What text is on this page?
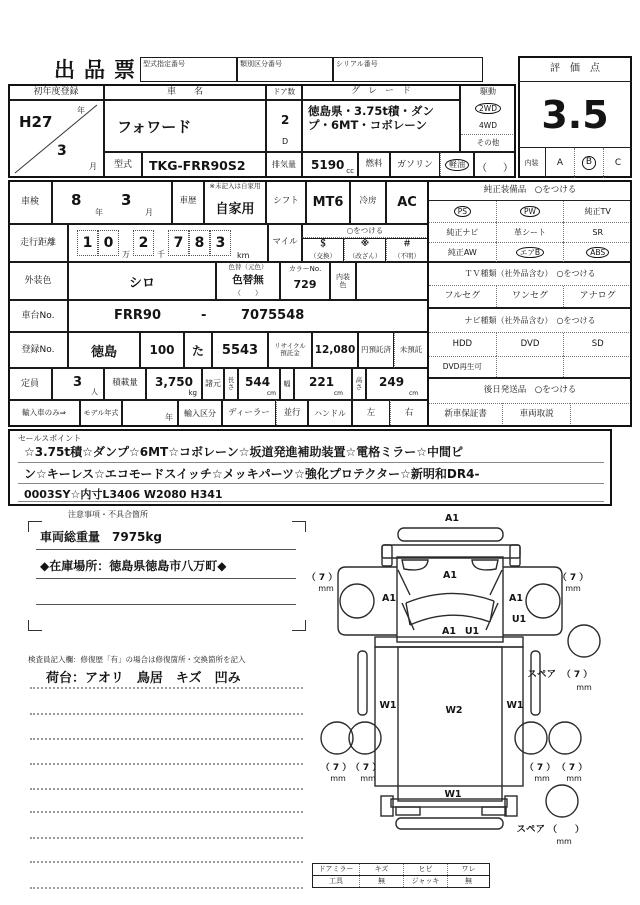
出品票 型式指定番号	類別区分番号	シリアル番号	評　価　点
3.5
内装	A	B	C
初年度登録
H27
年
3
月
車　　名
フォワード
ドア数
2
D
グ　レ　ー　ド
徳島県・3.75t積・ダンプ・6MT・コボレーン
駆動
2WD
4WD
その他
型式	TKG-FRR90S2	排気量	5190 cc
燃料	ガソリン	軽油	（ ）
車検	8
年
3
月
車歴
※未記入は自家用
自家用
シフト	MT6	冷房	AC
走行距離	1 0
万
2
千
7 8 3
km
マイル
○をつける
＄
（交換）
※
（改ざん）
＃
（不明）
外装色	シロ
色替（元色）
色替無
（　　）
カラーNo.
729
内装色
車台No.	FRR90	-	7075548
登録No.	徳島	100	た	5543	リサイクル預託金	12,080 円預託済	未預託
定員	3
人
積載量	3,750
kg
諸元	長さ 544
cm
幅 221
cm
高さ	249
cm
輸入車のみ⇒	モデル年式	年	輸入区分	ディーラー	並行	ハンドル	左	右
純正装備品　○をつける
PS	PW	純正TV
純正ナビ	革シート	SR
純正AW	エアB	ABS
ＴＶ種類（社外品含む）　○をつける
フルセグ	ワンセグ	アナログ
ナビ種類（社外品含む）　○をつける
HDD	DVD	SD
DVD再生可
後日発送品　○をつける
新車保証書	車両取説
セールスポイント
☆3.75t積☆ダンプ☆6MT☆コボレーン☆坂道発進補助装置☆電格ミラー☆中間ピ
ン☆キーレス☆エコモードスイッチ☆メッキパーツ☆強化プロテクター☆新明和DR4-
0003SY☆内寸L3406 W2080 H341
注意事項・不具合箇所
車両総重量　7975kg
◆在庫場所：徳島県徳島市八万町◆
検査員記入欄：修復歴「有」の場合は修復箇所・交換箇所を記入
荷台：アオリ　鳥居　キズ　凹み
A1
A1
A1	A1
A1 U1
U1
W1	W2	W1
W1
（ 7 ）
mm
（ 7 ）
mm
（ 7 ）
mm
（ 7 ）
mm
（ 7 ）
mm
（ 7 ）
mm
スペア （ 7 ）
mm
スペア （　　）
mm
ドアミラー	キズ	ヒビ	ワレ
工具	無	ジャッキ	無
